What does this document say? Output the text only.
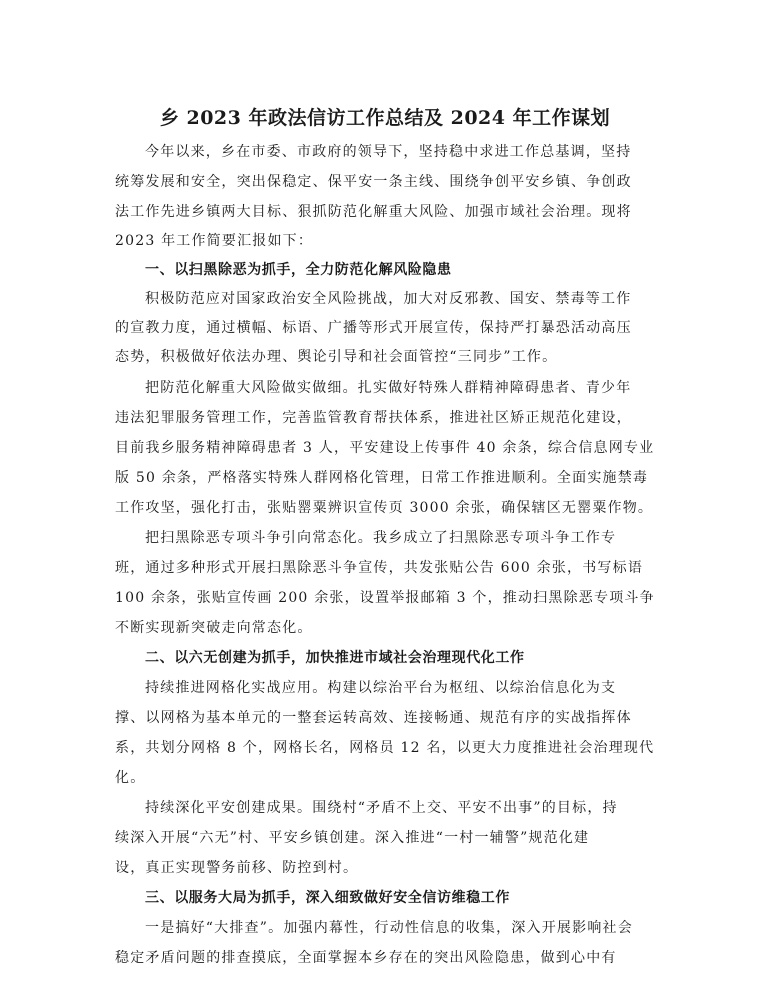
乡 2023 年政法信访工作总结及 2024 年工作谋划
今年以来，乡在市委、市政府的领导下，坚持稳中求进工作总基调，坚持
统筹发展和安全，突出保稳定、保平安一条主线、围绕争创平安乡镇、争创政
法工作先进乡镇两大目标、狠抓防范化解重大风险、加强市域社会治理。现将
2023 年工作简要汇报如下：
一、以扫黑除恶为抓手，全力防范化解风险隐患
积极防范应对国家政治安全风险挑战，加大对反邪教、国安、禁毒等工作
的宣教力度，通过横幅、标语、广播等形式开展宣传，保持严打暴恐活动高压
态势，积极做好依法办理、舆论引导和社会面管控“三同步”工作。
把防范化解重大风险做实做细。扎实做好特殊人群精神障碍患者、青少年
违法犯罪服务管理工作，完善监管教育帮扶体系，推进社区矫正规范化建设，
目前我乡服务精神障碍患者 3 人，平安建设上传事件 40 余条，综合信息网专业
版 50 余条，严格落实特殊人群网格化管理，日常工作推进顺利。全面实施禁毒
工作攻坚，强化打击，张贴罂粟辨识宣传页 3000 余张，确保辖区无罂粟作物。
把扫黑除恶专项斗争引向常态化。我乡成立了扫黑除恶专项斗争工作专
班，通过多种形式开展扫黑除恶斗争宣传，共发张贴公告 600 余张，书写标语
100 余条，张贴宣传画 200 余张，设置举报邮箱 3 个，推动扫黑除恶专项斗争
不断实现新突破走向常态化。
二、以六无创建为抓手，加快推进市域社会治理现代化工作
持续推进网格化实战应用。构建以综治平台为枢纽、以综治信息化为支
撑、以网格为基本单元的一整套运转高效、连接畅通、规范有序的实战指挥体
系，共划分网格 8 个，网格长名，网格员 12 名，以更大力度推进社会治理现代
化。
持续深化平安创建成果。围绕村“矛盾不上交、平安不出事”的目标，持
续深入开展“六无”村、平安乡镇创建。深入推进“一村一辅警”规范化建
设，真正实现警务前移、防控到村。
三、以服务大局为抓手，深入细致做好安全信访维稳工作
一是搞好“大排查”。加强内幕性，行动性信息的收集，深入开展影响社会
稳定矛盾问题的排查摸底，全面掌握本乡存在的突出风险隐患，做到心中有
